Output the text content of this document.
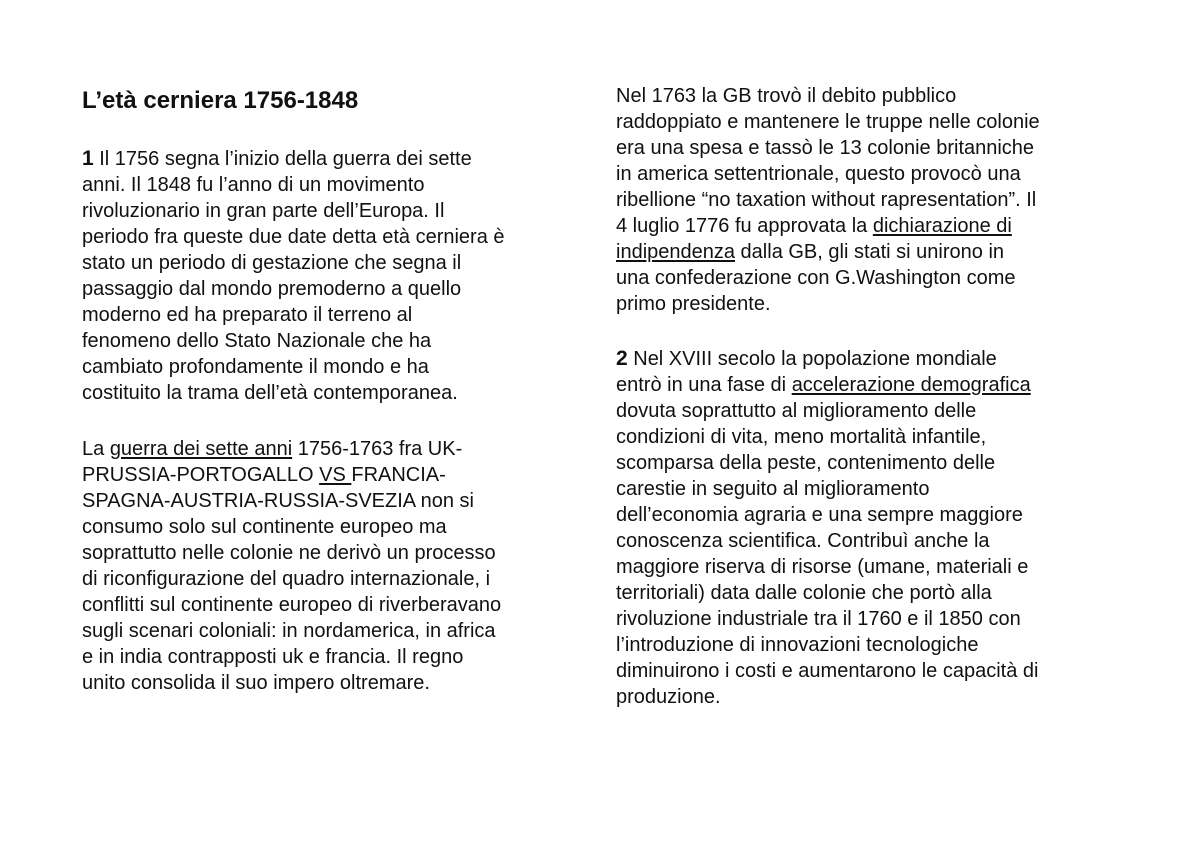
L’età cerniera 1756-1848

1 Il 1756 segna l’inizio della guerra dei sette
anni. Il 1848 fu l’anno di un movimento
rivoluzionario in gran parte dell’Europa. Il
periodo fra queste due date detta età cerniera è
stato un periodo di gestazione che segna il
passaggio dal mondo premoderno a quello
moderno ed ha preparato il terreno al
fenomeno dello Stato Nazionale che ha
cambiato profondamente il mondo e ha
costituito la trama dell’età contemporanea.

La guerra dei sette anni 1756-1763 fra UK-
PRUSSIA-PORTOGALLO VS FRANCIA-
SPAGNA-AUSTRIA-RUSSIA-SVEZIA non si
consumo solo sul continente europeo ma
soprattutto nelle colonie ne derivò un processo
di riconfigurazione del quadro internazionale, i
conflitti sul continente europeo di riverberavano
sugli scenari coloniali: in nordamerica, in africa
e in india contrapposti uk e francia. Il regno
unito consolida il suo impero oltremare.

Nel 1763 la GB trovò il debito pubblico
raddoppiato e mantenere le truppe nelle colonie
era una spesa e tassò le 13 colonie britanniche
in america settentrionale, questo provocò una
ribellione “no taxation without rapresentation”. Il
4 luglio 1776 fu approvata la dichiarazione di
indipendenza dalla GB, gli stati si unirono in
una confederazione con G.Washington come
primo presidente.

2 Nel XVIII secolo la popolazione mondiale
entrò in una fase di accelerazione demografica
dovuta soprattutto al miglioramento delle
condizioni di vita, meno mortalità infantile,
scomparsa della peste, contenimento delle
carestie in seguito al miglioramento
dell’economia agraria e una sempre maggiore
conoscenza scientifica. Contribuì anche la
maggiore riserva di risorse (umane, materiali e
territoriali) data dalle colonie che portò alla
rivoluzione industriale tra il 1760 e il 1850 con
l’introduzione di innovazioni tecnologiche
diminuirono i costi e aumentarono le capacità di
produzione.
